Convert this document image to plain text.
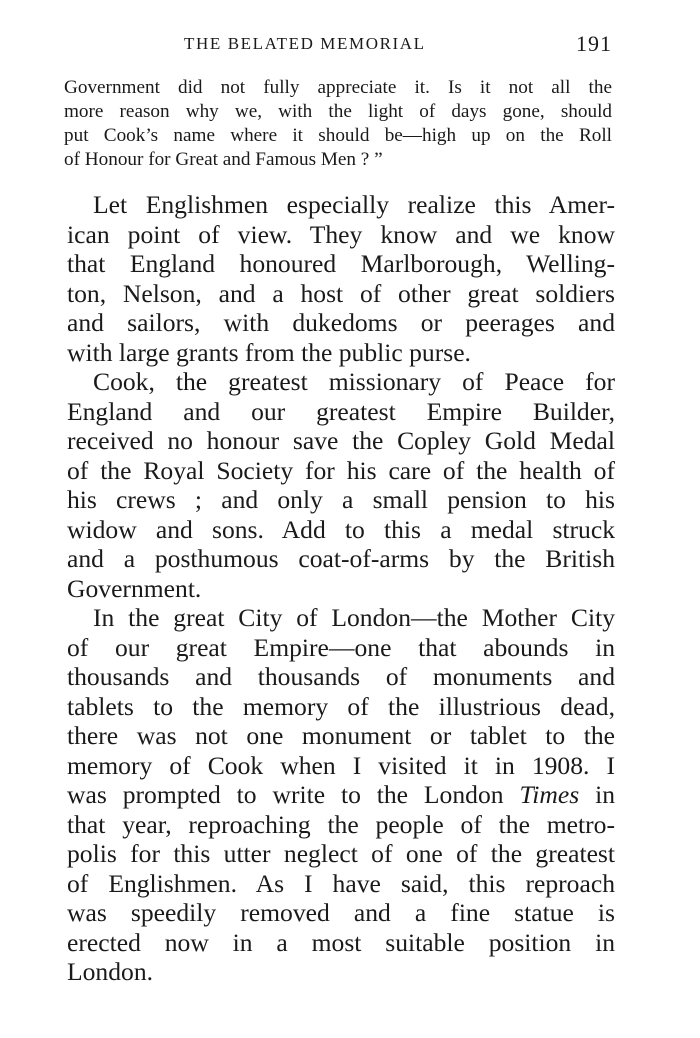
THE BELATED MEMORIAL	191
Government did not fully appreciate it. Is it not all the
more reason why we, with the light of days gone, should
put Cook’s name where it should be—high up on the Roll
of Honour for Great and Famous Men ? ”
Let Englishmen especially realize this Amer-
ican point of view. They know and we know
that England honoured Marlborough, Welling-
ton, Nelson, and a host of other great soldiers
and sailors, with dukedoms or peerages and
with large grants from the public purse.
Cook, the greatest missionary of Peace for
England and our greatest Empire Builder,
received no honour save the Copley Gold Medal
of the Royal Society for his care of the health of
his crews ; and only a small pension to his
widow and sons. Add to this a medal struck
and a posthumous coat-of-arms by the British
Government.
In the great City of London—the Mother City
of our great Empire—one that abounds in
thousands and thousands of monuments and
tablets to the memory of the illustrious dead,
there was not one monument or tablet to the
memory of Cook when I visited it in 1908. I
was prompted to write to the London Times in
that year, reproaching the people of the metro-
polis for this utter neglect of one of the greatest
of Englishmen. As I have said, this reproach
was speedily removed and a fine statue is
erected now in a most suitable position in
London.
